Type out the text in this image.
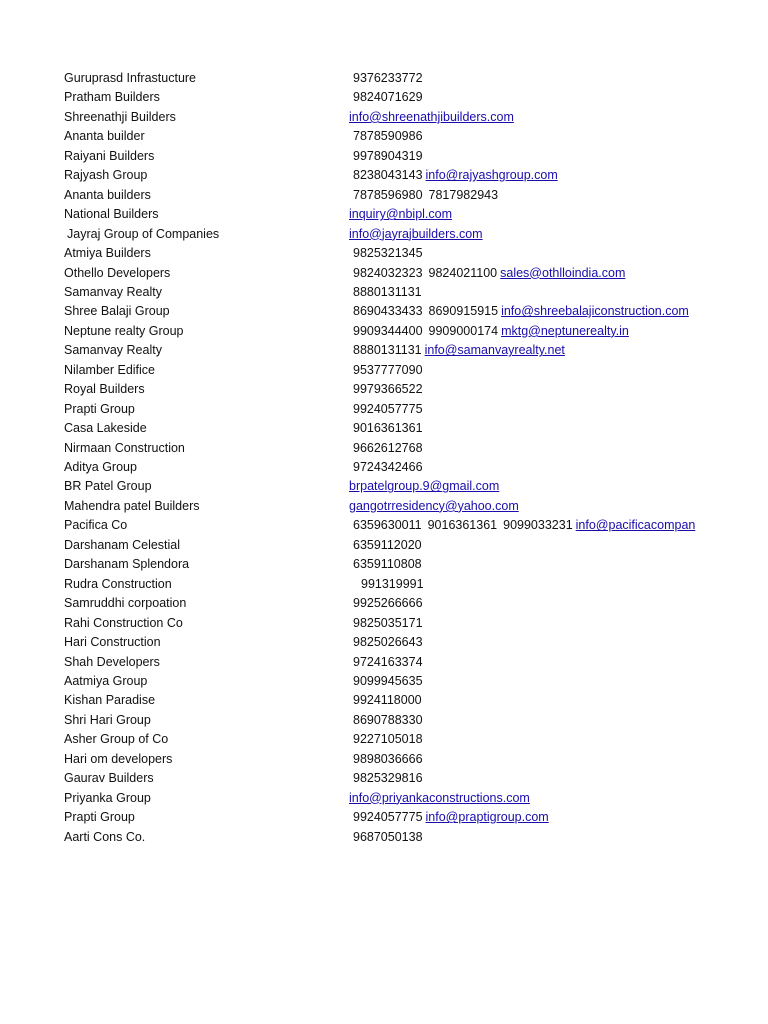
Guruprasd Infrastucture	9376233772
Pratham Builders	9824071629
Shreenathji Builders	info@shreenathjibuilders.com
Ananta builder	7878590986
Raiyani Builders	9978904319
Rajyash Group	8238043143 info@rajyashgroup.com
Ananta builders	7878596980 7817982943
National Builders	inquiry@nbipl.com
Jayraj Group of Companies	info@jayrajbuilders.com
Atmiya Builders	9825321345
Othello Developers	9824032323 9824021100 sales@othlloindia.com
Samanvay Realty	8880131131
Shree Balaji Group	8690433433 8690915915 info@shreebalajiconstruction.com
Neptune realty Group	9909344400 9909000174 mktg@neptunerealty.in
Samanvay Realty	8880131131 info@samanvayrealty.net
Nilamber Edifice	9537777090
Royal Builders	9979366522
Prapti Group	9924057775
Casa Lakeside	9016361361
Nirmaan Construction	9662612768
Aditya Group	9724342466
BR Patel Group	brpatelgroup.9@gmail.com
Mahendra patel Builders	gangotrresidency@yahoo.com
Pacifica Co	6359630011 9016361361 9099033231 info@pacificacompan
Darshanam Celestial	6359112020
Darshanam Splendora	6359110808
Rudra Construction	991319991
Samruddhi corpoation	9925266666
Rahi Construction Co	9825035171
Hari Construction	9825026643
Shah Developers	9724163374
Aatmiya Group	9099945635
Kishan Paradise	9924118000
Shri Hari Group	8690788330
Asher Group of Co	9227105018
Hari om developers	9898036666
Gaurav Builders	9825329816
Priyanka Group	info@priyankaconstructions.com
Prapti Group	9924057775 info@praptigroup.com
Aarti Cons Co.	9687050138
